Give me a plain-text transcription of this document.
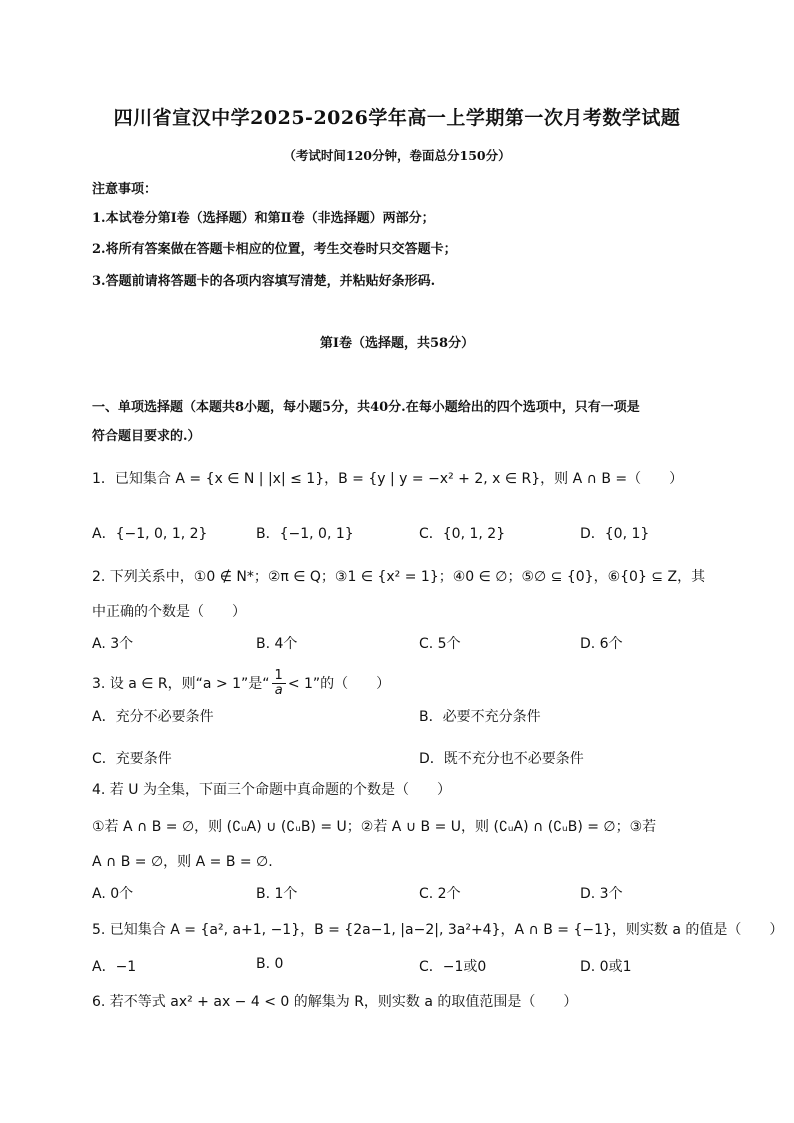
四川省宣汉中学2025-2026学年高一上学期第一次月考数学试题
（考试时间120分钟，卷面总分150分）
注意事项：
1.本试卷分第Ⅰ卷（选择题）和第Ⅱ卷（非选择题）两部分；
2.将所有答案做在答题卡相应的位置，考生交卷时只交答题卡；
3.答题前请将答题卡的各项内容填写清楚，并粘贴好条形码.
第Ⅰ卷（选择题，共58分）
一、单项选择题（本题共8小题，每小题5分，共40分.在每小题给出的四个选项中，只有一项是
符合题目要求的.）
1．已知集合 A = {x ∈ N | |x| ≤ 1}，B = {y | y = −x² + 2, x ∈ R}，则 A ∩ B =（　　）
A．{−1, 0, 1, 2}	B．{−1, 0, 1}	C．{0, 1, 2}	D．{0, 1}
2. 下列关系中，①0 ∉ N*；②π ∈ Q；③1 ∈ {x² = 1}；④0 ∈ ∅；⑤∅ ⊆ {0}，⑥{0} ⊆ Z，其
中正确的个数是（　　）
A. 3个	B. 4个	C. 5个	D. 6个
3. 设 a ∈ R，则“a > 1”是“ $\frac{1}{a} < 1$”的（　　）
A．充分不必要条件	B．必要不充分条件
C．充要条件	D．既不充分也不必要条件
4. 若 U 为全集，下面三个命题中真命题的个数是（　　）
①若 A ∩ B = ∅，则 (∁ᵤA) ∪ (∁ᵤB) = U；②若 A ∪ B = U，则 (∁ᵤA) ∩ (∁ᵤB) = ∅；③若
A ∩ B = ∅，则 A = B = ∅.
A. 0个	B. 1个	C. 2个	D. 3个
5. 已知集合 A = {a², a+1, −1}，B = {2a−1, |a−2|, 3a²+4}，A ∩ B = {−1}，则实数 a 的值是（　　）
A．−1	B. 0	C．−1或0	D. 0或1
6. 若不等式 ax² + ax − 4 < 0 的解集为 R，则实数 a 的取值范围是（　　）
